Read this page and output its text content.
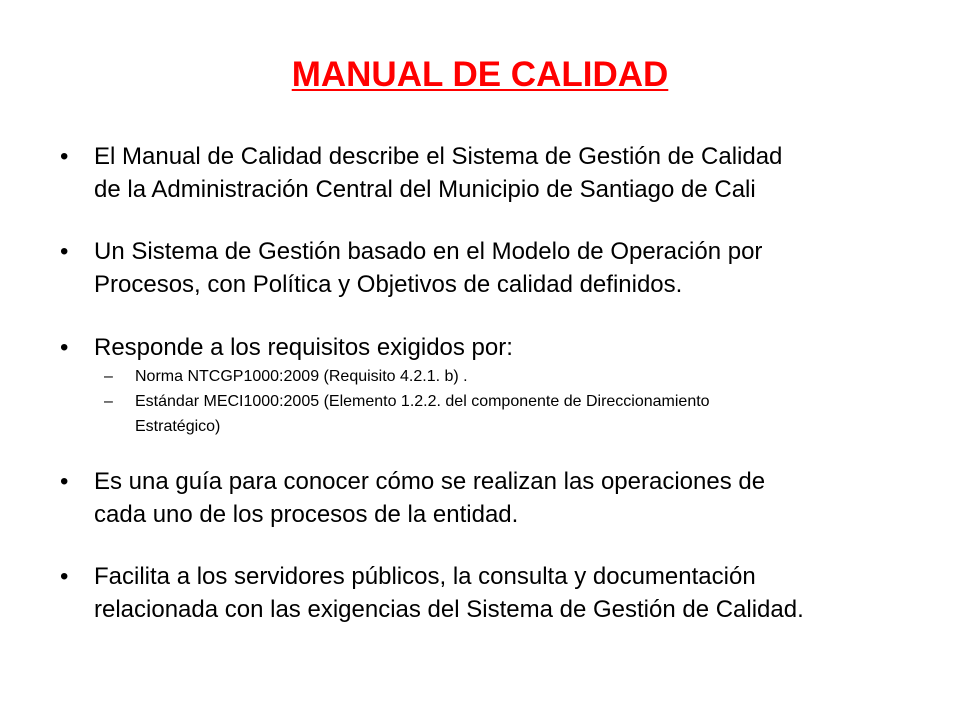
MANUAL DE CALIDAD
•	El Manual de Calidad describe el Sistema de Gestión de Calidad
de la Administración Central del Municipio de Santiago de Cali
•	Un Sistema de Gestión basado en el Modelo de Operación por
Procesos, con Política y Objetivos de calidad definidos.
•	Responde a los requisitos exigidos por:
– Norma NTCGP1000:2009 (Requisito 4.2.1. b) .
– Estándar MECI1000:2005 (Elemento 1.2.2. del componente de Direccionamiento
Estratégico)
•	Es una guía para conocer cómo se realizan las operaciones de
cada uno de los procesos de la entidad.
•	Facilita a los servidores públicos, la consulta y documentación
relacionada con las exigencias del Sistema de Gestión de Calidad.
